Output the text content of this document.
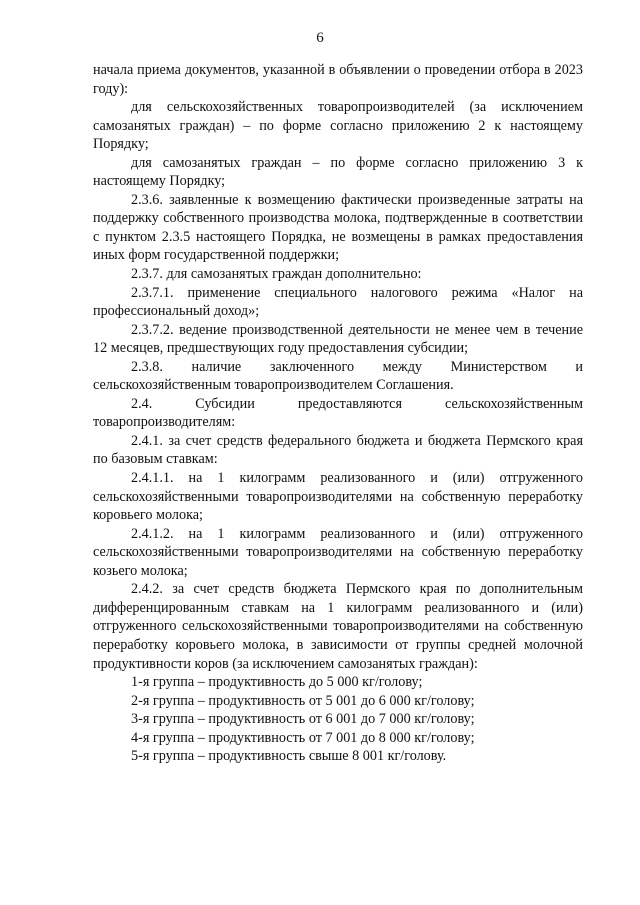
6

начала приема документов, указанной в объявлении о проведении отбора в 2023 году):

для сельскохозяйственных товаропроизводителей (за исключением самозанятых граждан) – по форме согласно приложению 2 к настоящему Порядку;

для самозанятых граждан – по форме согласно приложению 3 к настоящему Порядку;

2.3.6. заявленные к возмещению фактически произведенные затраты на поддержку собственного производства молока, подтвержденные в соответствии с пунктом 2.3.5 настоящего Порядка, не возмещены в рамках предоставления иных форм государственной поддержки;

2.3.7. для самозанятых граждан дополнительно:

2.3.7.1. применение специального налогового режима «Налог на профессиональный доход»;

2.3.7.2. ведение производственной деятельности не менее чем в течение 12 месяцев, предшествующих году предоставления субсидии;

2.3.8. наличие заключенного между Министерством и сельскохозяйственным товаропроизводителем Соглашения.

2.4. Субсидии предоставляются сельскохозяйственным товаропроизводителям:

2.4.1. за счет средств федерального бюджета и бюджета Пермского края по базовым ставкам:

2.4.1.1. на 1 килограмм реализованного и (или) отгруженного сельскохозяйственными товаропроизводителями на собственную переработку коровьего молока;

2.4.1.2. на 1 килограмм реализованного и (или) отгруженного сельскохозяйственными товаропроизводителями на собственную переработку козьего молока;

2.4.2. за счет средств бюджета Пермского края по дополнительным дифференцированным ставкам на 1 килограмм реализованного и (или) отгруженного сельскохозяйственными товаропроизводителями на собственную переработку коровьего молока, в зависимости от группы средней молочной продуктивности коров (за исключением самозанятых граждан):

1-я группа – продуктивность до 5 000 кг/голову;

2-я группа – продуктивность от 5 001 до 6 000 кг/голову;

3-я группа – продуктивность от 6 001 до 7 000 кг/голову;

4-я группа – продуктивность от 7 001 до 8 000 кг/голову;

5-я группа – продуктивность свыше 8 001 кг/голову.
